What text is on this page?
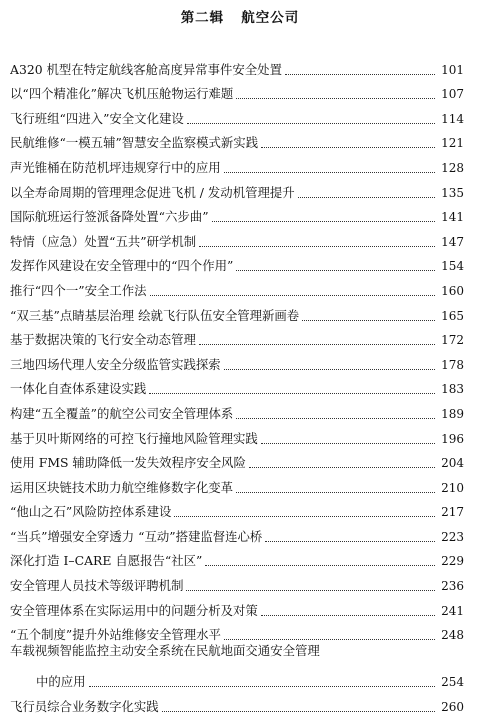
第二辑   航空公司
A320 机型在特定航线客舱高度异常事件安全处置	101
以“四个精准化”解决飞机压舱物运行难题	107
飞行班组“四进入”安全文化建设	114
民航维修“一模五辅”智慧安全监察模式新实践	121
声光锥桶在防范机坪违规穿行中的应用	128
以全寿命周期的管理理念促进飞机 / 发动机管理提升	135
国际航班运行签派备降处置“六步曲”	141
特情（应急）处置“五共”研学机制	147
发挥作风建设在安全管理中的“四个作用”	154
推行“四个一”安全工作法	160
“双三基”点睛基层治理 绘就飞行队伍安全管理新画卷	165
基于数据决策的飞行安全动态管理	172
三地四场代理人安全分级监管实践探索	178
一体化自查体系建设实践	183
构建“五全覆盖”的航空公司安全管理体系	189
基于贝叶斯网络的可控飞行撞地风险管理实践	196
使用 FMS 辅助降低一发失效程序安全风险	204
运用区块链技术助力航空维修数字化变革	210
“他山之石”风险防控体系建设	217
“当兵”增强安全穿透力 “互动”搭建监督连心桥	223
深化打造 I–CARE 自愿报告“社区”	229
安全管理人员技术等级评聘机制	236
安全管理体系在实际运用中的问题分析及对策	241
“五个制度”提升外站维修安全管理水平	248
车载视频智能监控主动安全系统在民航地面交通安全管理
中的应用	254
飞行员综合业务数字化实践	260
